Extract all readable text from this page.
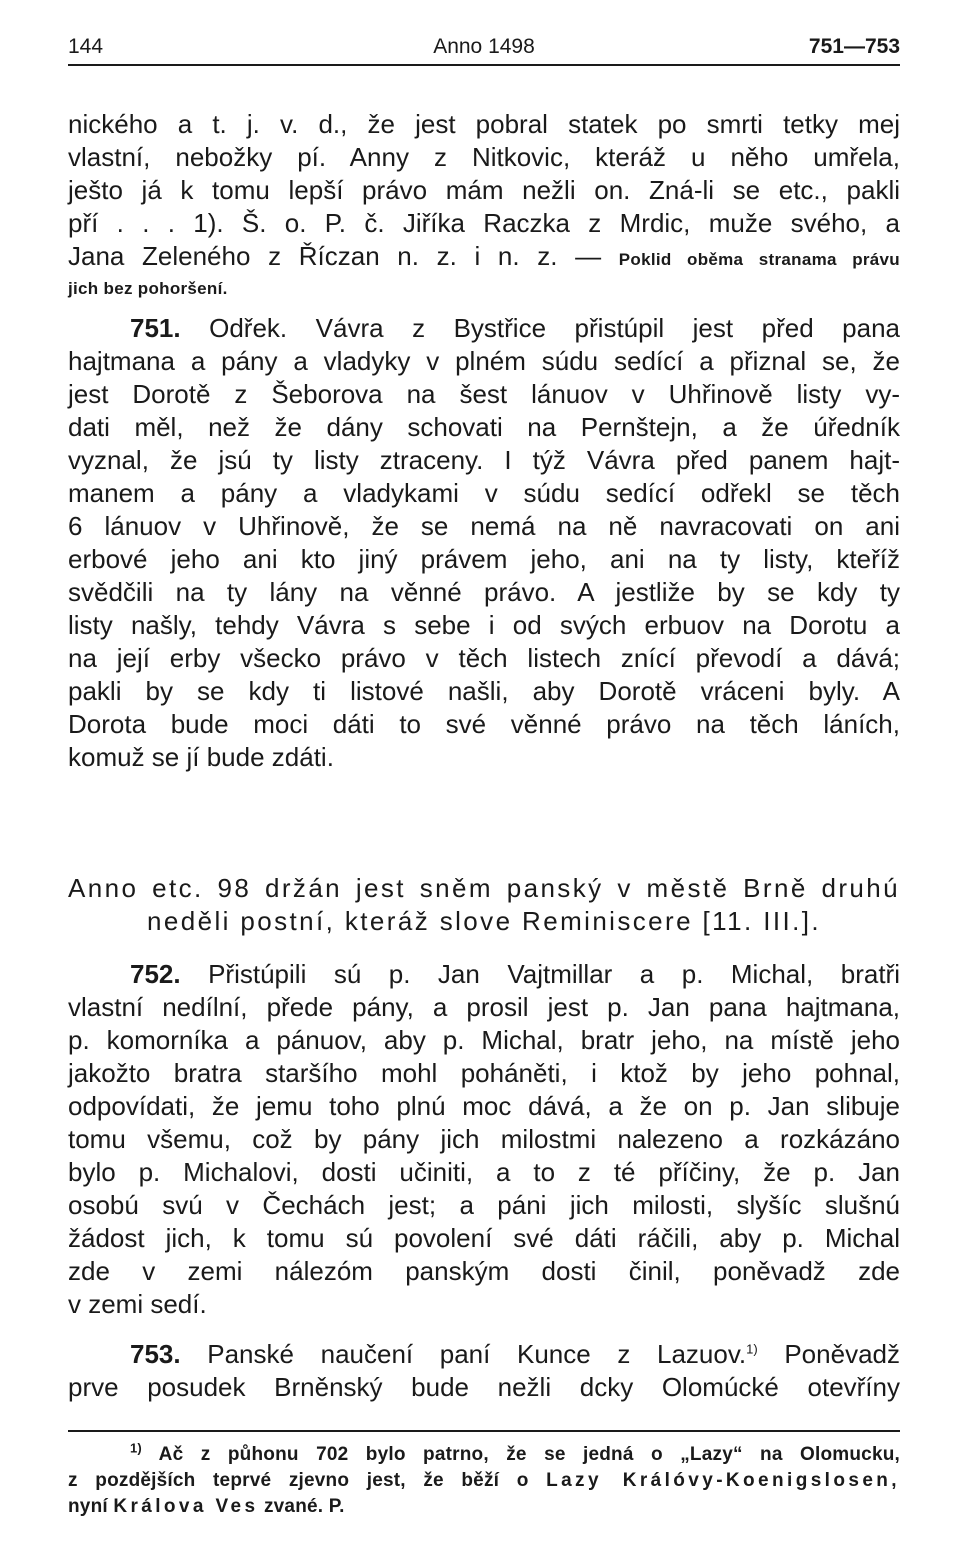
144	Anno 1498	751—753
nického a t. j. v. d., že jest pobral statek po smrti tetky mej
vlastní, nebožky pí. Anny z Nitkovic, kteráž u něho umřela,
ješto já k tomu lepší právo mám nežli on. Zná-li se etc., pakli
pří . . . 1). Š. o. P. č. Jiříka Raczka z Mrdic, muže svého, a
Jana Zeleného z Říczan n. z. i n. z. — Poklid oběma stranama právu
jich bez pohoršení.
751. Odřek. Vávra z Bystřice přistúpil jest před pana
hajtmana a pány a vladyky v plném súdu sedící a přiznal se, že
jest Dorotě z Šeborova na šest lánuov v Uhřinově listy vy-
dati měl, než že dány schovati na Pernštejn, a že úředník
vyznal, že jsú ty listy ztraceny. I týž Vávra před panem hajt-
manem a pány a vladykami v súdu sedící odřekl se těch
6 lánuov v Uhřinově, že se nemá na ně navracovati on ani
erbové jeho ani kto jiný právem jeho, ani na ty listy, kteříž
svědčili na ty lány na věnné právo. A jestliže by se kdy ty
listy našly, tehdy Vávra s sebe i od svých erbuov na Dorotu a
na její erby všecko právo v těch listech znící převodí a dává;
pakli by se kdy ti listové našli, aby Dorotě vráceni byly. A
Dorota bude moci dáti to své věnné právo na těch láních,
komuž se jí bude zdáti.
Anno etc. 98 držán jest sněm panský v městě Brně druhú
neděli postní, kteráž slove Reminiscere [11. III.].
752. Přistúpili sú p. Jan Vajtmillar a p. Michal, bratři
vlastní nedílní, přede pány, a prosil jest p. Jan pana hajtmana,
p. komorníka a pánuov, aby p. Michal, bratr jeho, na místě jeho
jakožto bratra staršího mohl poháněti, i ktož by jeho pohnal,
odpovídati, že jemu toho plnú moc dává, a že on p. Jan slibuje
tomu všemu, což by pány jich milostmi nalezeno a rozkázáno
bylo p. Michalovi, dosti učiniti, a to z té příčiny, že p. Jan
osobú svú v Čechách jest; a páni jich milosti, slyšíc slušnú
žádost jich, k tomu sú povolení své dáti ráčili, aby p. Michal
zde v zemi nálezóm panským dosti činil, poněvadž zde
v zemi sedí.
753. Panské naučení paní Kunce z Lazuov.$^{1)}$ Poněvadž
prve posudek Brněnský bude nežli dcky Olomúcké otevříny
$^{1)}$ Ač z půhonu 702 bylo patrno, že se jedná o „Lazy“ na Olomucku,
z pozdějších teprvé zjevno jest, že běží o Lazy Králóvy-Koenigslosen,
nyní Králova Ves zvané. P.
